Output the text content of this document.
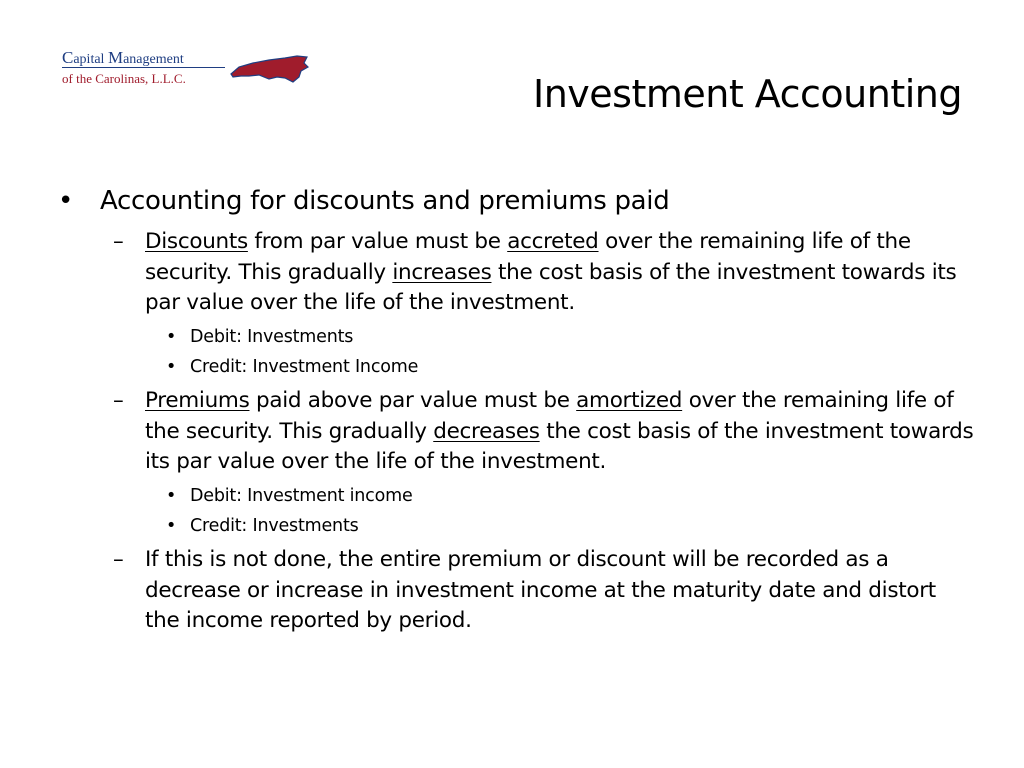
Capital Management
of the Carolinas, L.L.C.	Investment Accounting
• Accounting for discounts and premiums paid
– Discounts from par value must be accreted over the remaining life of the security. This gradually increases the cost basis of the investment towards its par value over the life of the investment.
• Debit: Investments
• Credit: Investment Income
– Premiums paid above par value must be amortized over the remaining life of the security. This gradually decreases the cost basis of the investment towards its par value over the life of the investment.
• Debit: Investment income
• Credit: Investments
– If this is not done, the entire premium or discount will be recorded as a decrease or increase in investment income at the maturity date and distort the income reported by period.
